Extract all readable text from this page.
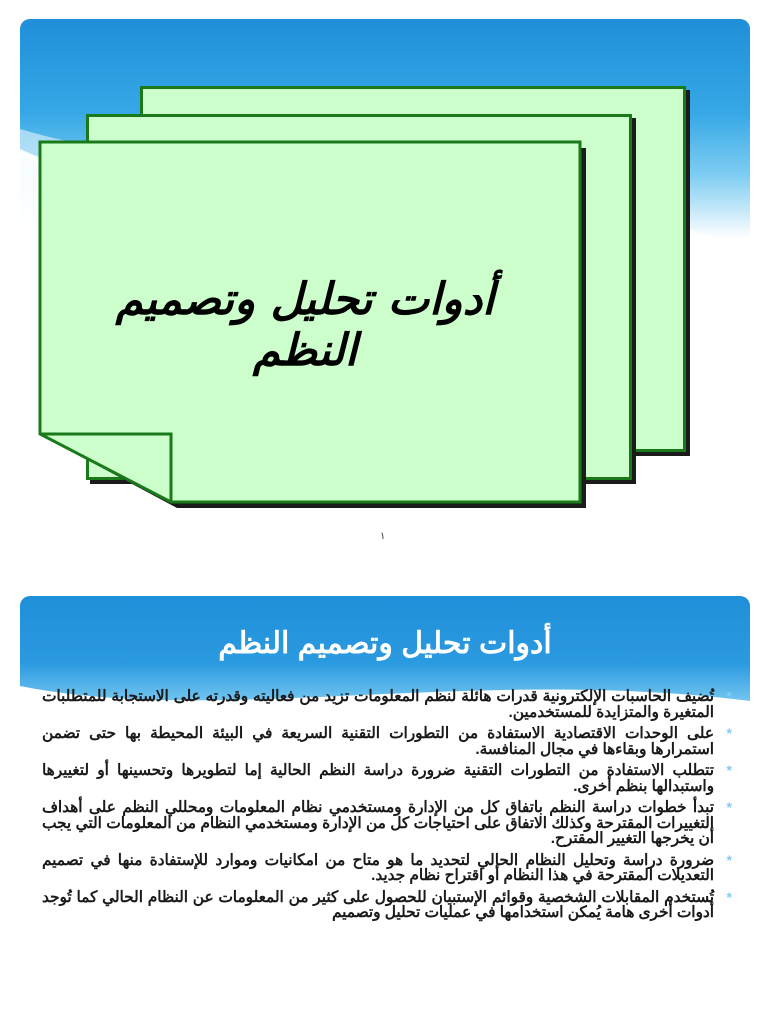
أدوات تحليل وتصميم النظم
١
أدوات تحليل وتصميم النظم
*
تُضيف الحاسبات الإلكترونية قدرات هائلة لنظم المعلومات تزيد من فعاليته وقدرته على الاستجابة للمتطلبات المتغيرة والمتزايدة للمستخدمين.
*
على الوحدات الاقتصادية الاستفادة من التطورات التقنية السريعة في البيئة المحيطة بها حتى تضمن استمرارها وبقاءها في مجال المنافسة.
*
تتطلب الاستفادة من التطورات التقنية ضرورة دراسة النظم الحالية إما لتطويرها وتحسينها أو لتغييرها واستبدالها بنظم أخرى.
*
تبدأ خطوات دراسة النظم باتفاق كل من الإدارة ومستخدمي نظام المعلومات ومحللي النظم على أهداف التغييرات المقترحة وكذلك الاتفاق على احتياجات كل من الإدارة ومستخدمي النظام من المعلومات التي يجب أن يخرجها التغيير المقترح.
*
ضرورة دراسة وتحليل النظام الحالي لتحديد ما هو متاح من امكانيات وموارد للإستفادة منها في تصميم التعديلات المقترحة في هذا النظام أو اقتراح نظام جديد.
*
تُستخدم المقابلات الشخصية وقوائم الإستبيان للحصول على كثير من المعلومات عن النظام الحالي كما تُوجد أدوات أخرى هامة يُمكن استخدامها في عمليات تحليل وتصميم
